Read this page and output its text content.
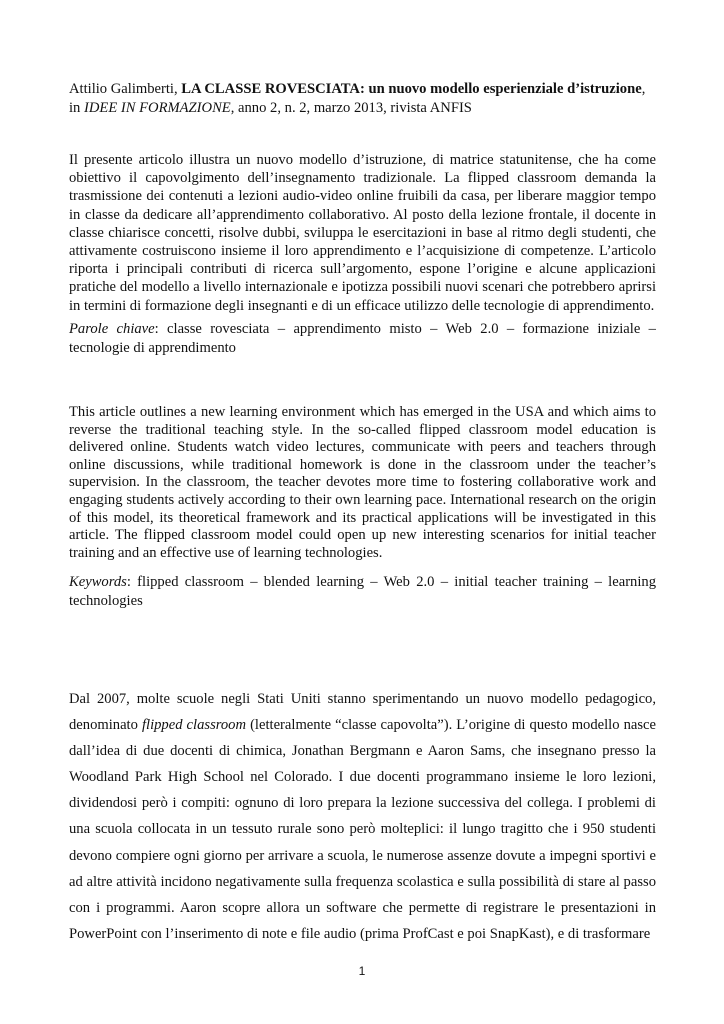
Attilio Galimberti, LA CLASSE ROVESCIATA: un nuovo modello esperienziale d’istruzione,
in IDEE IN FORMAZIONE, anno 2, n. 2, marzo 2013, rivista ANFIS

Il presente articolo illustra un nuovo modello d’istruzione, di matrice statunitense, che ha come obiettivo il capovolgimento dell’insegnamento tradizionale. La flipped classroom demanda la trasmissione dei contenuti a lezioni audio-video online fruibili da casa, per liberare maggior tempo in classe da dedicare all’apprendimento collaborativo. Al posto della lezione frontale, il docente in classe chiarisce concetti, risolve dubbi, sviluppa le esercitazioni in base al ritmo degli studenti, che attivamente costruiscono insieme il loro apprendimento e l’acquisizione di competenze. L’articolo riporta i principali contributi di ricerca sull’argomento, espone l’origine e alcune applicazioni pratiche del modello a livello internazionale e ipotizza possibili nuovi scenari che potrebbero aprirsi in termini di formazione degli insegnanti e di un efficace utilizzo delle tecnologie di apprendimento.

Parole chiave: classe rovesciata – apprendimento misto – Web 2.0 – formazione iniziale – tecnologie di apprendimento

This article outlines a new learning environment which has emerged in the USA and which aims to reverse the traditional teaching style. In the so-called flipped classroom model education is delivered online. Students watch video lectures, communicate with peers and teachers through online discussions, while traditional homework is done in the classroom under the teacher’s supervision. In the classroom, the teacher devotes more time to fostering collaborative work and engaging students actively according to their own learning pace. International research on the origin of this model, its theoretical framework and its practical applications will be investigated in this article. The flipped classroom model could open up new interesting scenarios for initial teacher training and an effective use of learning technologies.

Keywords: flipped classroom – blended learning – Web 2.0 – initial teacher training – learning technologies

Dal 2007, molte scuole negli Stati Uniti stanno sperimentando un nuovo modello pedagogico, denominato flipped classroom (letteralmente “classe capovolta”). L’origine di questo modello nasce dall’idea di due docenti di chimica, Jonathan Bergmann e Aaron Sams, che insegnano presso la Woodland Park High School nel Colorado. I due docenti programmano insieme le loro lezioni, dividendosi però i compiti: ognuno di loro prepara la lezione successiva del collega. I problemi di una scuola collocata in un tessuto rurale sono però molteplici: il lungo tragitto che i 950 studenti devono compiere ogni giorno per arrivare a scuola, le numerose assenze dovute a impegni sportivi e ad altre attività incidono negativamente sulla frequenza scolastica e sulla possibilità di stare al passo con i programmi. Aaron scopre allora un software che permette di registrare le presentazioni in PowerPoint con l’inserimento di note e file audio (prima ProfCast e poi SnapKast), e di trasformare

1
